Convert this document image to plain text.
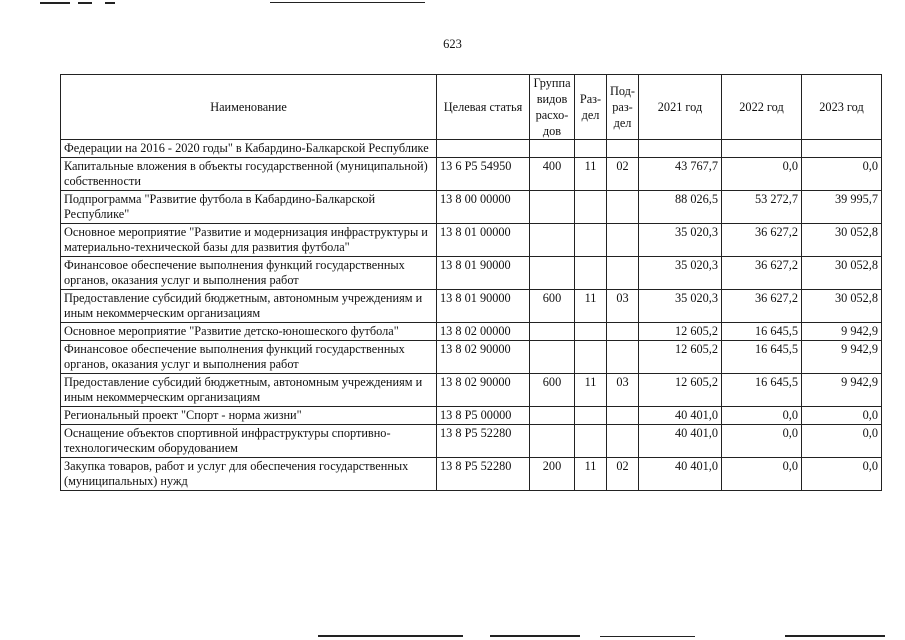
623
Наименование	Целевая статья	Группа видов расхо- дов	Раз- дел	Под- раз- дел	2021 год	2022 год	2023 год
Федерации на 2016 - 2020 годы" в Кабардино-Балкарской Республике							
Капитальные вложения в объекты государственной (муниципальной) собственности	13 6 Р5 54950	400	11	02	43 767,7	0,0	0,0
Подпрограмма "Развитие футбола в Кабардино-Балкарской Республике"	13 8 00 00000				88 026,5	53 272,7	39 995,7
Основное мероприятие "Развитие и модернизация инфраструктуры и материально-технической базы для развития футбола"	13 8 01 00000				35 020,3	36 627,2	30 052,8
Финансовое обеспечение выполнения функций государственных органов, оказания услуг и выполнения работ	13 8 01 90000				35 020,3	36 627,2	30 052,8
Предоставление субсидий бюджетным, автономным учреждениям и иным некоммерческим организациям	13 8 01 90000	600	11	03	35 020,3	36 627,2	30 052,8
Основное мероприятие "Развитие детско-юношеского футбола"	13 8 02 00000				12 605,2	16 645,5	9 942,9
Финансовое обеспечение выполнения функций государственных органов, оказания услуг и выполнения работ	13 8 02 90000				12 605,2	16 645,5	9 942,9
Предоставление субсидий бюджетным, автономным учреждениям и иным некоммерческим организациям	13 8 02 90000	600	11	03	12 605,2	16 645,5	9 942,9
Региональный проект "Спорт - норма жизни"	13 8 Р5 00000				40 401,0	0,0	0,0
Оснащение объектов спортивной инфраструктуры спортивно-технологическим оборудованием	13 8 Р5 52280				40 401,0	0,0	0,0
Закупка товаров, работ и услуг для обеспечения государственных (муниципальных) нужд	13 8 Р5 52280	200	11	02	40 401,0	0,0	0,0
